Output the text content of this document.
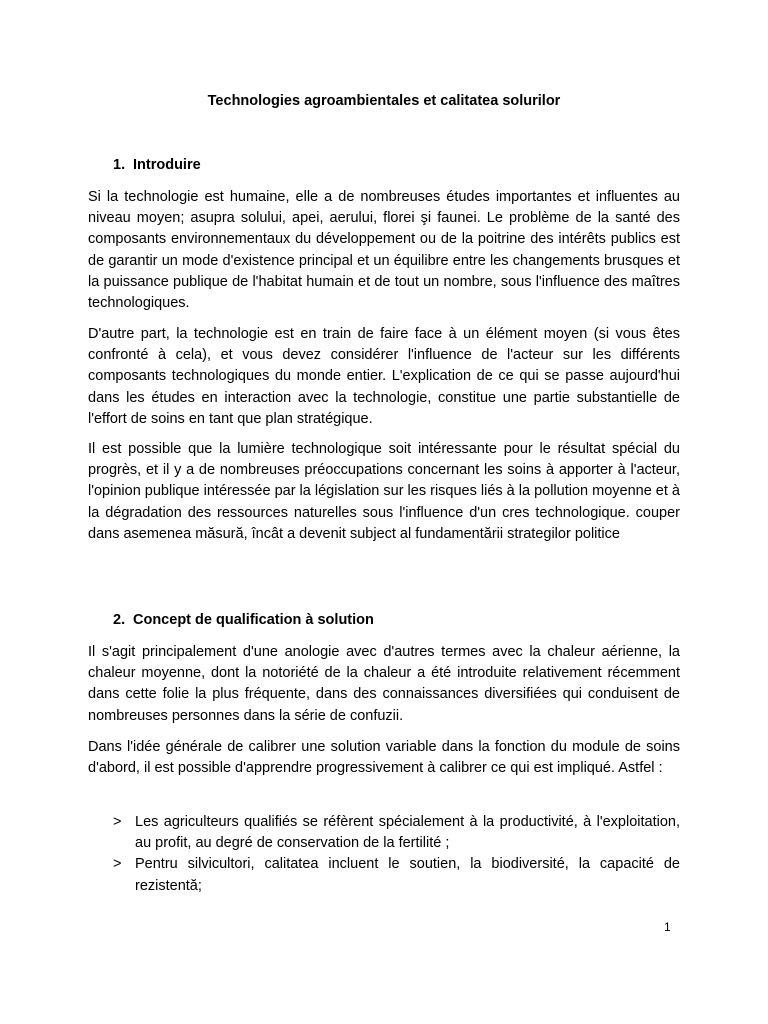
Technologies agroambientales et calitatea solurilor
1. Introduire

Si la technologie est humaine, elle a de nombreuses études importantes et influentes au niveau moyen; asupra solului, apei, aerului, florei şi faunei. Le problème de la santé des composants environnementaux du développement ou de la poitrine des intérêts publics est de garantir un mode d'existence principal et un équilibre entre les changements brusques et la puissance publique de l'habitat humain et de tout un nombre, sous l'influence des maîtres technologiques.

D'autre part, la technologie est en train de faire face à un élément moyen (si vous êtes confronté à cela), et vous devez considérer l'influence de l'acteur sur les différents composants technologiques du monde entier. L'explication de ce qui se passe aujourd'hui dans les études en interaction avec la technologie, constitue une partie substantielle de l'effort de soins en tant que plan stratégique.

Il est possible que la lumière technologique soit intéressante pour le résultat spécial du progrès, et il y a de nombreuses préoccupations concernant les soins à apporter à l'acteur, l'opinion publique intéressée par la législation sur les risques liés à la pollution moyenne et à la dégradation des ressources naturelles sous l'influence d'un cres technologique. couper dans asemenea măsură, încât a devenit subject al fundamentării strategilor politice

2. Concept de qualification à solution

Il s'agit principalement d'une anologie avec d'autres termes avec la chaleur aérienne, la chaleur moyenne, dont la notoriété de la chaleur a été introduite relativement récemment dans cette folie la plus fréquente, dans des connaissances diversifiées qui conduisent de nombreuses personnes dans la série de confuzii.

Dans l'idée générale de calibrer une solution variable dans la fonction du module de soins d'abord, il est possible d'apprendre progressivement à calibrer ce qui est impliqué. Astfel :

> Les agriculteurs qualifiés se réfèrent spécialement à la productivité, à l'exploitation, au profit, au degré de conservation de la fertilité ;
> Pentru silvicultori, calitatea incluent le soutien, la biodiversité, la capacité de rezistentă;
1
